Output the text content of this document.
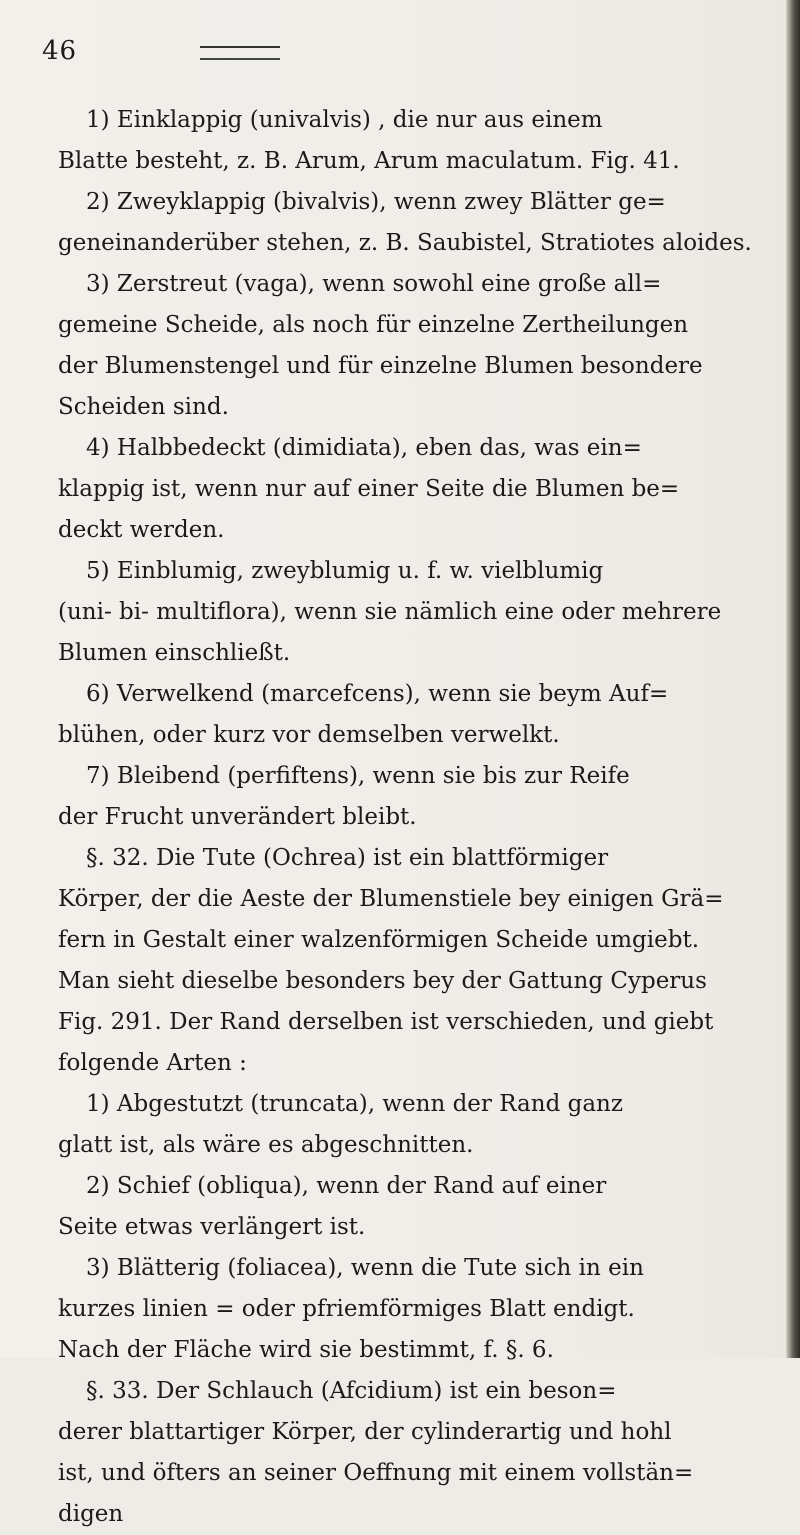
46
1) Einklappig (univalvis) , die nur aus einem
Blatte besteht, z. B. Arum, Arum maculatum. Fig. 41.
2) Zweyklappig (bivalvis), wenn zwey Blätter ge=
geneinanderüber stehen, z. B. Saubistel, Stratiotes aloides.
3) Zerstreut (vaga), wenn sowohl eine große all=
gemeine Scheide, als noch für einzelne Zertheilungen
der Blumenstengel und für einzelne Blumen besondere
Scheiden sind.
4) Halbbedeckt (dimidiata), eben das, was ein=
klappig ist, wenn nur auf einer Seite die Blumen be=
deckt werden.
5) Einblumig, zweyblumig u. f. w. vielblumig
(uni- bi- multiflora), wenn sie nämlich eine oder mehrere
Blumen einschließt.
6) Verwelkend (marcefcens), wenn sie beym Auf=
blühen, oder kurz vor demselben verwelkt.
7) Bleibend (perfiftens), wenn sie bis zur Reife
der Frucht unverändert bleibt.
§. 32. Die Tute (Ochrea) ist ein blattförmiger
Körper, der die Aeste der Blumenstiele bey einigen Grä=
fern in Gestalt einer walzenförmigen Scheide umgiebt.
Man sieht dieselbe besonders bey der Gattung Cyperus
Fig. 291. Der Rand derselben ist verschieden, und giebt
folgende Arten :
1) Abgestutzt (truncata), wenn der Rand ganz
glatt ist, als wäre es abgeschnitten.
2) Schief (obliqua), wenn der Rand auf einer
Seite etwas verlängert ist.
3) Blätterig (foliacea), wenn die Tute sich in ein
kurzes linien = oder pfriemförmiges Blatt endigt.
Nach der Fläche wird sie bestimmt, f. §. 6.
§. 33. Der Schlauch (Afcidium) ist ein beson=
derer blattartiger Körper, der cylinderartig und hohl
ist, und öfters an seiner Oeffnung mit einem vollstän=
digen
